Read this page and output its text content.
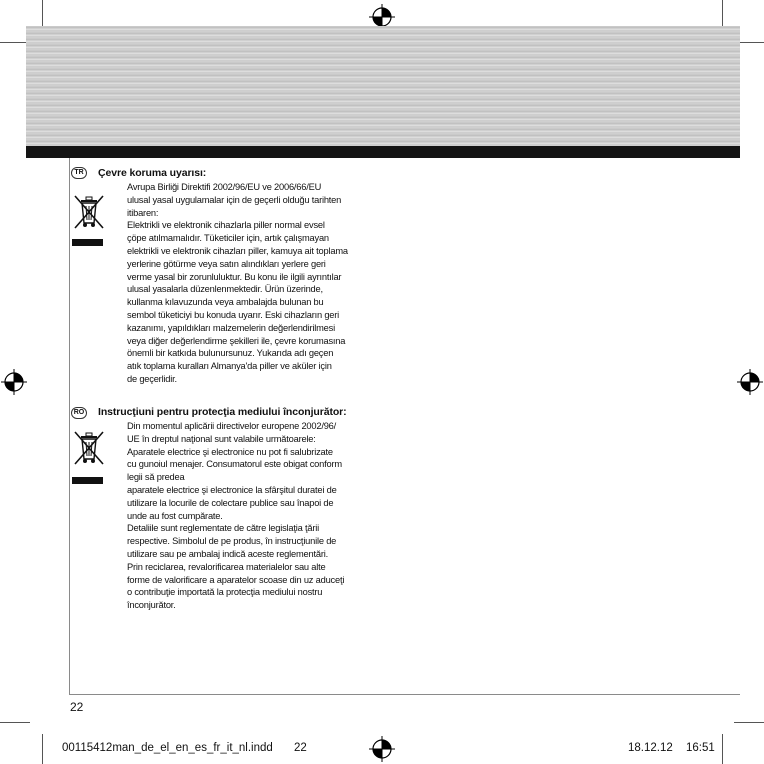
TR	Çevre koruma uyarısı:

Avrupa Birliği Direktifi 2002/96/EU ve 2006/66/EU

ulusal yasal uygulamalar için de geçerli olduğu tarihten

itibaren:

Elektrikli ve elektronik cihazlarla piller normal evsel

çöpe atılmamalıdır. Tüketiciler için, artık çalışmayan

elektrikli ve elektronik cihazları piller, kamuya ait toplama

yerlerine götürme veya satın alındıkları yerlere geri

verme yasal bir zorunluluktur. Bu konu ile ilgili ayrıntılar

ulusal yasalarla düzenlenmektedir. Ürün üzerinde,

kullanma kılavuzunda veya ambalajda bulunan bu

sembol tüketiciyi bu konuda uyarır. Eski cihazların geri

kazanımı, yapıldıkları malzemelerin değerlendirilmesi

veya diğer değerlendirme şekilleri ile, çevre korumasına

önemli bir katkıda bulunursunuz. Yukarıda adı geçen

atık toplama kuralları Almanya'da piller ve aküler için

de geçerlidir.

RO Instrucţiuni pentru protecţia mediului înconjurător:

Din momentul aplicării directivelor europene 2002/96/

UE în dreptul naţional sunt valabile următoarele:

Aparatele electrice şi electronice nu pot fi salubrizate

cu gunoiul menajer. Consumatorul este obigat conform

legii să predea

aparatele electrice şi electronice la sfârşitul duratei de

utilizare la locurile de colectare publice sau înapoi de

unde au fost cumpărate.

Detaliile sunt reglementate de către legislaţia ţării

respective. Simbolul de pe produs, în instrucţiunile de

utilizare sau pe ambalaj indică aceste reglementări.

Prin reciclarea, revalorificarea materialelor sau alte

forme de valorificare a aparatelor scoase din uz aduceţi

o contribuţie importată la protecţia mediului nostru

înconjurător.

22
00115412man_de_el_en_es_fr_it_nl.indd 22	18.12.12 16:51
